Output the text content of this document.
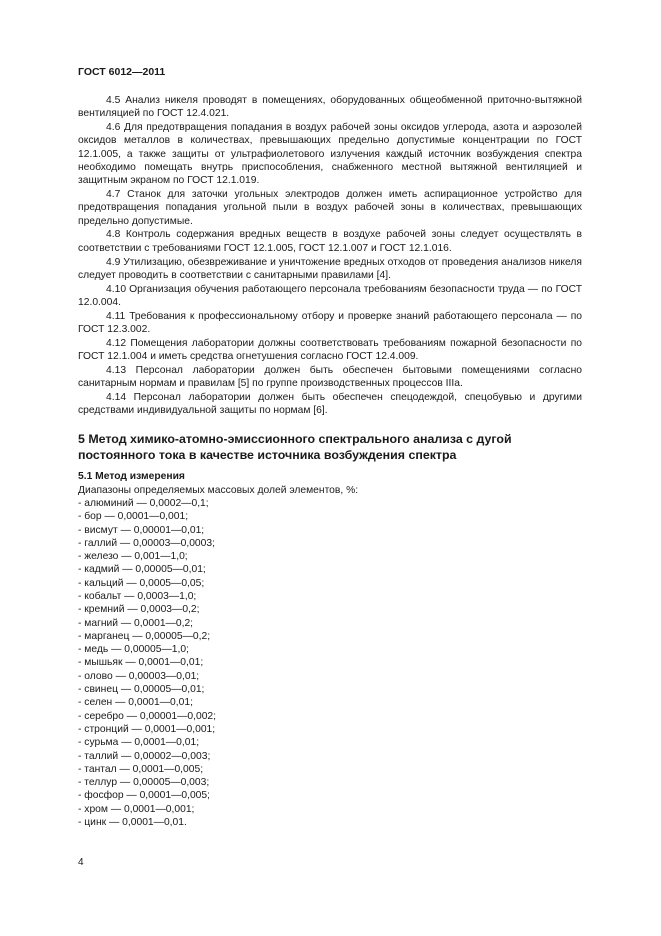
ГОСТ 6012—2011

4.5 Анализ никеля проводят в помещениях, оборудованных общеобменной приточно-вытяжной вентиляцией по ГОСТ 12.4.021.

4.6 Для предотвращения попадания в воздух рабочей зоны оксидов углерода, азота и аэрозолей оксидов металлов в количествах, превышающих предельно допустимые концентрации по ГОСТ 12.1.005, а также защиты от ультрафиолетового излучения каждый источник возбуждения спектра необходимо помещать внутрь приспособления, снабженного местной вытяжной вентиляцией и защитным экраном по ГОСТ 12.1.019.

4.7 Станок для заточки угольных электродов должен иметь аспирационное устройство для предотвращения попадания угольной пыли в воздух рабочей зоны в количествах, превышающих предельно допустимые.

4.8 Контроль содержания вредных веществ в воздухе рабочей зоны следует осуществлять в соответствии с требованиями ГОСТ 12.1.005, ГОСТ 12.1.007 и ГОСТ 12.1.016.

4.9 Утилизацию, обезвреживание и уничтожение вредных отходов от проведения анализов никеля следует проводить в соответствии с санитарными правилами [4].

4.10 Организация обучения работающего персонала требованиям безопасности труда — по ГОСТ 12.0.004.

4.11 Требования к профессиональному отбору и проверке знаний работающего персонала — по ГОСТ 12.3.002.

4.12 Помещения лаборатории должны соответствовать требованиям пожарной безопасности по ГОСТ 12.1.004 и иметь средства огнетушения согласно ГОСТ 12.4.009.

4.13 Персонал лаборатории должен быть обеспечен бытовыми помещениями согласно санитарным нормам и правилам [5] по группе производственных процессов IIIa.

4.14 Персонал лаборатории должен быть обеспечен спецодеждой, спецобувью и другими средствами индивидуальной защиты по нормам [6].

5 Метод химико-атомно-эмиссионного спектрального анализа с дугой постоянного тока в качестве источника возбуждения спектра
5.1 Метод измерения
Диапазоны определяемых массовых долей элементов, %:
- алюминий — 0,0002—0,1;
- бор — 0,0001—0,001;
- висмут — 0,00001—0,01;
- галлий — 0,00003—0,0003;
- железо — 0,001—1,0;
- кадмий — 0,00005—0,01;
- кальций — 0,0005—0,05;
- кобальт — 0,0003—1,0;
- кремний — 0,0003—0,2;
- магний — 0,0001—0,2;
- марганец — 0,00005—0,2;
- медь — 0,00005—1,0;
- мышьяк — 0,0001—0,01;
- олово — 0,00003—0,01;
- свинец — 0,00005—0,01;
- селен — 0,0001—0,01;
- серебро — 0,00001—0,002;
- стронций — 0,0001—0,001;
- сурьма — 0,0001—0,01;
- таллий — 0,00002—0,003;
- тантал — 0,0001—0,005;
- теллур — 0,00005—0,003;
- фосфор — 0,0001—0,005;
- хром — 0,0001—0,001;
- цинк — 0,0001—0,01.
4
